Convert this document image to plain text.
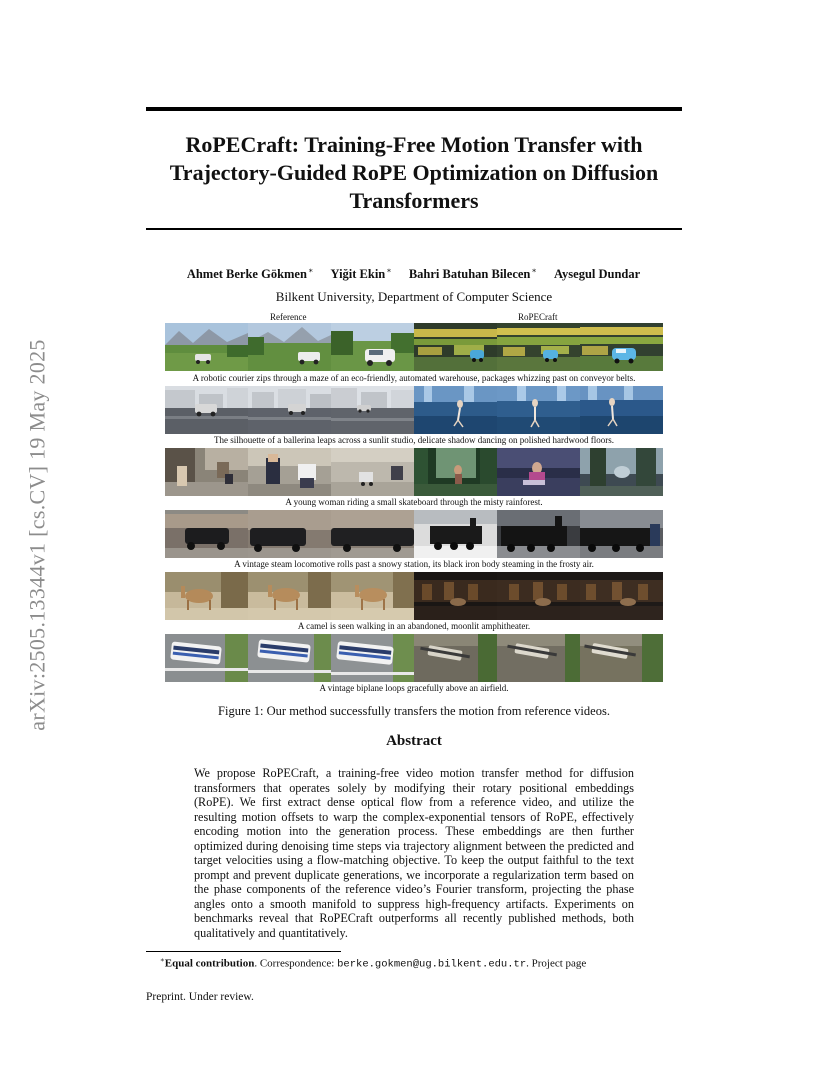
arXiv:2505.13344v1 [cs.CV] 19 May 2025
RoPECraft: Training-Free Motion Transfer with Trajectory-Guided RoPE Optimization on Diffusion Transformers
Ahmet Berke Gökmen∗ Yiğit Ekin∗ Bahri Batuhan Bilecen∗ Aysegul Dundar
Bilkent University, Department of Computer Science
Reference	RoPECraft
A robotic courier zips through a maze of an eco-friendly, automated warehouse, packages whizzing past on conveyor belts.
The silhouette of a ballerina leaps across a sunlit studio, delicate shadow dancing on polished hardwood floors.
A young woman riding a small skateboard through the misty rainforest.
A vintage steam locomotive rolls past a snowy station, its black iron body steaming in the frosty air.
A camel is seen walking in an abandoned, moonlit amphitheater.
A vintage biplane loops gracefully above an airfield.
Figure 1: Our method successfully transfers the motion from reference videos.
Abstract

We propose RoPECraft, a training-free video motion transfer method for diffusion transformers that operates solely by modifying their rotary positional embeddings (RoPE). We first extract dense optical flow from a reference video, and utilize the resulting motion offsets to warp the complex-exponential tensors of RoPE, effectively encoding motion into the generation process. These embeddings are then further optimized during denoising time steps via trajectory alignment between the predicted and target velocities using a flow-matching objective. To keep the output faithful to the text prompt and prevent duplicate generations, we incorporate a regularization term based on the phase components of the reference video’s Fourier transform, projecting the phase angles onto a smooth manifold to suppress high-frequency artifacts. Experiments on benchmarks reveal that RoPECraft outperforms all recently published methods, both qualitatively and quantitatively.

∗Equal contribution. Correspondence: berke.gokmen@ug.bilkent.edu.tr. Project page
Preprint. Under review.
